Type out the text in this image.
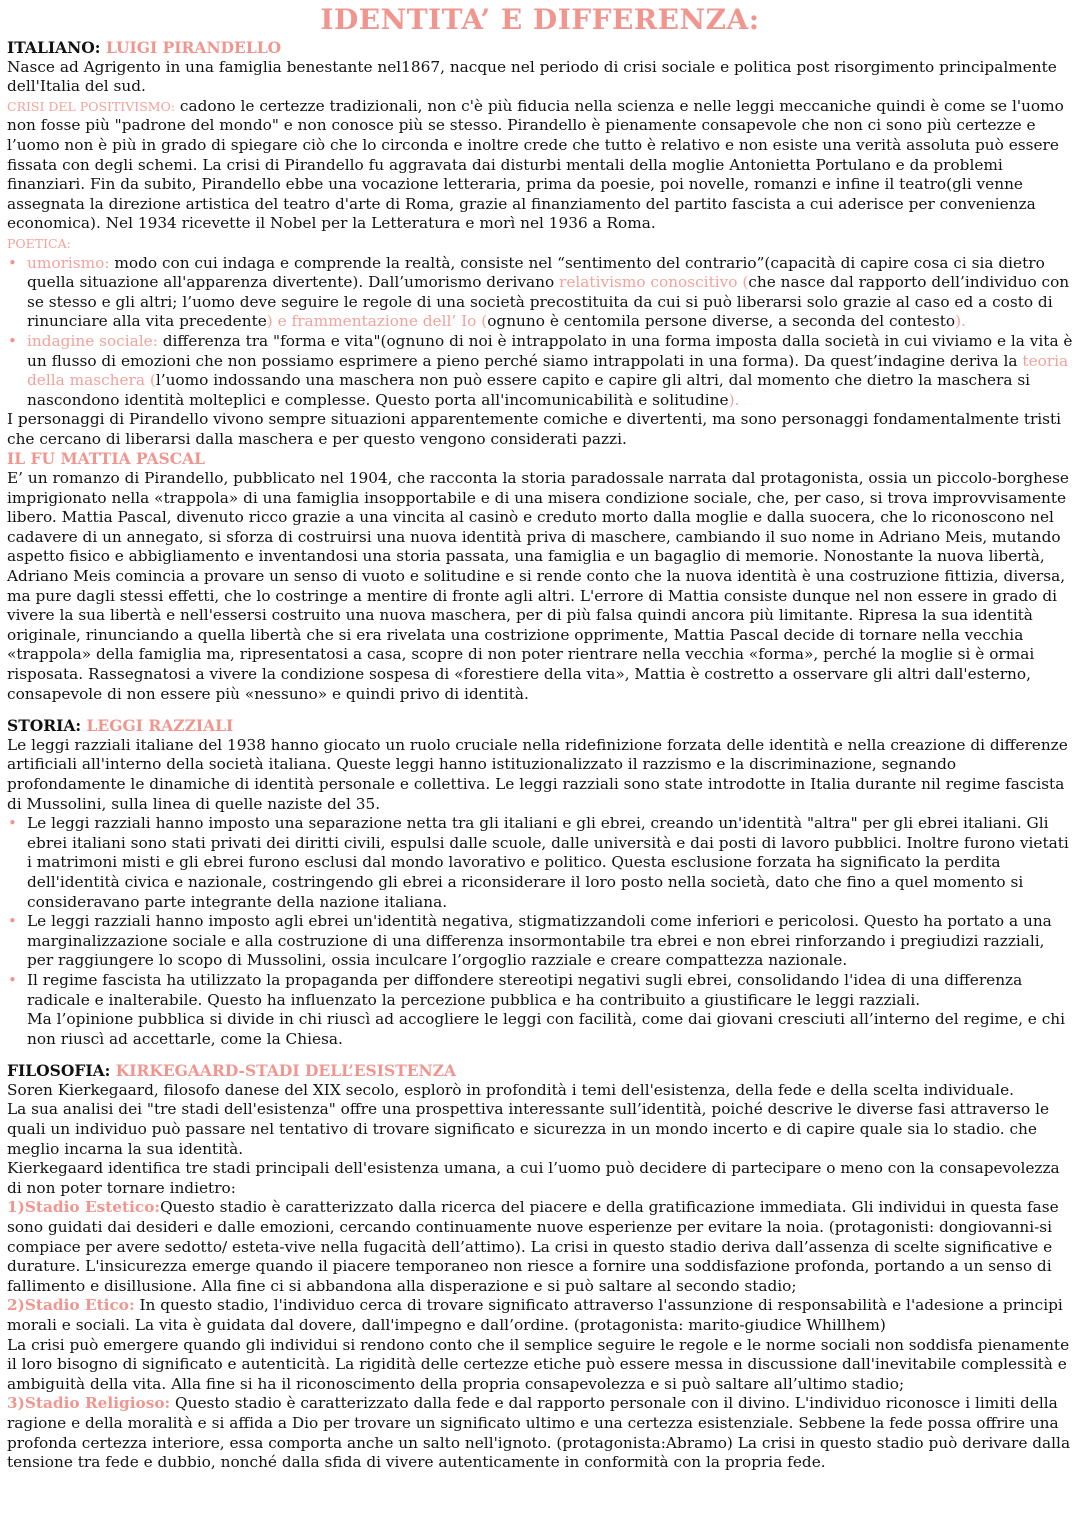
IDENTITA’ E DIFFERENZA:
ITALIANO: LUIGI PIRANDELLO

Nasce ad Agrigento in una famiglia benestante nel1867, nacque nel periodo di crisi sociale e politica post risorgimento principalmente dell'Italia del sud.

CRISI DEL POSITIVISMO: cadono le certezze tradizionali, non c'è più fiducia nella scienza e nelle leggi meccaniche quindi è come se l'uomo non fosse più "padrone del mondo" e non conosce più se stesso. Pirandello è pienamente consapevole che non ci sono più certezze e l’uomo non è più in grado di spiegare ciò che lo circonda e inoltre crede che tutto è relativo e non esiste una verità assoluta può essere fissata con degli schemi. La crisi di Pirandello fu aggravata dai disturbi mentali della moglie Antonietta Portulano e da problemi finanziari. Fin da subito, Pirandello ebbe una vocazione letteraria, prima da poesie, poi novelle, romanzi e infine il teatro(gli venne assegnata la direzione artistica del teatro d'arte di Roma, grazie al finanziamento del partito fascista a cui aderisce per convenienza economica). Nel 1934 ricevette il Nobel per la Letteratura e morì nel 1936 a Roma.

POETICA:

• umorismo: modo con cui indaga e comprende la realtà, consiste nel “sentimento del contrario”(capacità di capire cosa ci sia dietro quella situazione all'apparenza divertente). Dall’umorismo derivano relativismo conoscitivo (che nasce dal rapporto dell’individuo con se stesso e gli altri; l’uomo deve seguire le regole di una società precostituita da cui si può liberarsi solo grazie al caso ed a costo di rinunciare alla vita precedente) e frammentazione dell’ Io (ognuno è centomila persone diverse, a seconda del contesto).
• indagine sociale: differenza tra "forma e vita"(ognuno di noi è intrappolato in una forma imposta dalla società in cui viviamo e la vita è un flusso di emozioni che non possiamo esprimere a pieno perché siamo intrappolati in una forma). Da quest’indagine deriva la teoria della maschera (l’uomo indossando una maschera non può essere capito e capire gli altri, dal momento che dietro la maschera si nascondono identità molteplici e complesse. Questo porta all'incomunicabilità e solitudine).

I personaggi di Pirandello vivono sempre situazioni apparentemente comiche e divertenti, ma sono personaggi fondamentalmente tristi che cercano di liberarsi dalla maschera e per questo vengono considerati pazzi.

IL FU MATTIA PASCAL

E’ un romanzo di Pirandello, pubblicato nel 1904, che racconta la storia paradossale narrata dal protagonista, ossia un piccolo-borghese imprigionato nella «trappola» di una famiglia insopportabile e di una misera condizione sociale, che, per caso, si trova improvvisamente libero. Mattia Pascal, divenuto ricco grazie a una vincita al casinò e creduto morto dalla moglie e dalla suocera, che lo riconoscono nel cadavere di un annegato, si sforza di costruirsi una nuova identità priva di maschere, cambiando il suo nome in Adriano Meis, mutando aspetto fisico e abbigliamento e inventandosi una storia passata, una famiglia e un bagaglio di memorie. Nonostante la nuova libertà, Adriano Meis comincia a provare un senso di vuoto e solitudine e si rende conto che la nuova identità è una costruzione fittizia, diversa, ma pure dagli stessi effetti, che lo costringe a mentire di fronte agli altri. L'errore di Mattia consiste dunque nel non essere in grado di vivere la sua libertà e nell'essersi costruito una nuova maschera, per di più falsa quindi ancora più limitante. Ripresa la sua identità originale, rinunciando a quella libertà che si era rivelata una costrizione opprimente, Mattia Pascal decide di tornare nella vecchia «trappola» della famiglia ma, ripresentatosi a casa, scopre di non poter rientrare nella vecchia «forma», perché la moglie si è ormai risposata. Rassegnatosi a vivere la condizione sospesa di «forestiere della vita», Mattia è costretto a osservare gli altri dall'esterno, consapevole di non essere più «nessuno» e quindi privo di identità.

STORIA: LEGGI RAZZIALI

Le leggi razziali italiane del 1938 hanno giocato un ruolo cruciale nella ridefinizione forzata delle identità e nella creazione di differenze artificiali all'interno della società italiana. Queste leggi hanno istituzionalizzato il razzismo e la discriminazione, segnando profondamente le dinamiche di identità personale e collettiva. Le leggi razziali sono state introdotte in Italia durante nil regime fascista di Mussolini, sulla linea di quelle naziste del 35.

• Le leggi razziali hanno imposto una separazione netta tra gli italiani e gli ebrei, creando un'identità "altra" per gli ebrei italiani. Gli ebrei italiani sono stati privati dei diritti civili, espulsi dalle scuole, dalle università e dai posti di lavoro pubblici. Inoltre furono vietati i matrimoni misti e gli ebrei furono esclusi dal mondo lavorativo e politico. Questa esclusione forzata ha significato la perdita dell'identità civica e nazionale, costringendo gli ebrei a riconsiderare il loro posto nella società, dato che fino a quel momento si consideravano parte integrante della nazione italiana.
• Le leggi razziali hanno imposto agli ebrei un'identità negativa, stigmatizzandoli come inferiori e pericolosi. Questo ha portato a una marginalizzazione sociale e alla costruzione di una differenza insormontabile tra ebrei e non ebrei rinforzando i pregiudizi razziali, per raggiungere lo scopo di Mussolini, ossia inculcare l’orgoglio razziale e creare compattezza nazionale.
• Il regime fascista ha utilizzato la propaganda per diffondere stereotipi negativi sugli ebrei, consolidando l'idea di una differenza radicale e inalterabile. Questo ha influenzato la percezione pubblica e ha contribuito a giustificare le leggi razziali.

Ma l’opinione pubblica si divide in chi riuscì ad accogliere le leggi con facilità, come dai giovani cresciuti all’interno del regime, e chi non riuscì ad accettarle, come la Chiesa.

FILOSOFIA: KIRKEGAARD-STADI DELL’ESISTENZA

Soren Kierkegaard, filosofo danese del XIX secolo, esplorò in profondità i temi dell'esistenza, della fede e della scelta individuale.

La sua analisi dei "tre stadi dell'esistenza" offre una prospettiva interessante sull’identità, poiché descrive le diverse fasi attraverso le quali un individuo può passare nel tentativo di trovare significato e sicurezza in un mondo incerto e di capire quale sia lo stadio. che meglio incarna la sua identità.

Kierkegaard identifica tre stadi principali dell'esistenza umana, a cui l’uomo può decidere di partecipare o meno con la consapevolezza di non poter tornare indietro:

1)Stadio Estetico:Questo stadio è caratterizzato dalla ricerca del piacere e della gratificazione immediata. Gli individui in questa fase sono guidati dai desideri e dalle emozioni, cercando continuamente nuove esperienze per evitare la noia. (protagonisti: dongiovanni-si compiace per avere sedotto/ esteta-vive nella fugacità dell’attimo). La crisi in questo stadio deriva dall’assenza di scelte significative e durature. L'insicurezza emerge quando il piacere temporaneo non riesce a fornire una soddisfazione profonda, portando a un senso di fallimento e disillusione. Alla fine ci si abbandona alla disperazione e si può saltare al secondo stadio;

2)Stadio Etico: In questo stadio, l'individuo cerca di trovare significato attraverso l'assunzione di responsabilità e l'adesione a principi morali e sociali. La vita è guidata dal dovere, dall'impegno e dall’ordine. (protagonista: marito-giudice Whillhem)

La crisi può emergere quando gli individui si rendono conto che il semplice seguire le regole e le norme sociali non soddisfa pienamente il loro bisogno di significato e autenticità. La rigidità delle certezze etiche può essere messa in discussione dall'inevitabile complessità e ambiguità della vita. Alla fine si ha il riconoscimento della propria consapevolezza e si può saltare all’ultimo stadio;

3)Stadio Religioso: Questo stadio è caratterizzato dalla fede e dal rapporto personale con il divino. L'individuo riconosce i limiti della ragione e della moralità e si affida a Dio per trovare un significato ultimo e una certezza esistenziale. Sebbene la fede possa offrire una profonda certezza interiore, essa comporta anche un salto nell'ignoto. (protagonista:Abramo) La crisi in questo stadio può derivare dalla tensione tra fede e dubbio, nonché dalla sfida di vivere autenticamente in conformità con la propria fede.
